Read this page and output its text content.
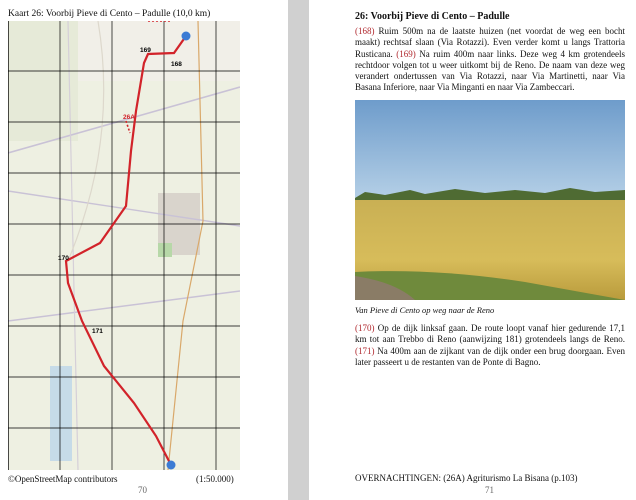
Kaart 26: Voorbij Pieve di Cento – Padulle (10,0 km)
169
168
26A
170
171
©OpenStreetMap contributors	(1:50.000)
70
26: Voorbij Pieve di Cento – Padulle
(168) Ruim 500m na de laatste huizen (net voordat de weg een bocht maakt) rechtsaf slaan (Via Rotazzi). Even verder komt u langs Trattoria Rusticana. (169) Na ruim 400m naar links. Deze weg 4 km grotendeels rechtdoor volgen tot u weer uitkomt bij de Reno. De naam van deze weg verandert ondertussen van Via Rotazzi, naar Via Martinetti, naar Via Basana Inferiore, naar Via Minganti en naar Via Zambeccari.
Van Pieve di Cento op weg naar de Reno
(170) Op de dijk linksaf gaan. De route loopt vanaf hier gedurende 17,1 km tot aan Trebbo di Reno (aanwijzing 181) grotendeels langs de Reno. (171) Na 400m aan de zijkant van de dijk onder een brug doorgaan. Even later passeert u de restanten van de Ponte di Bagno.
OVERNACHTINGEN: (26A) Agriturismo La Bisana (p.103)
71
